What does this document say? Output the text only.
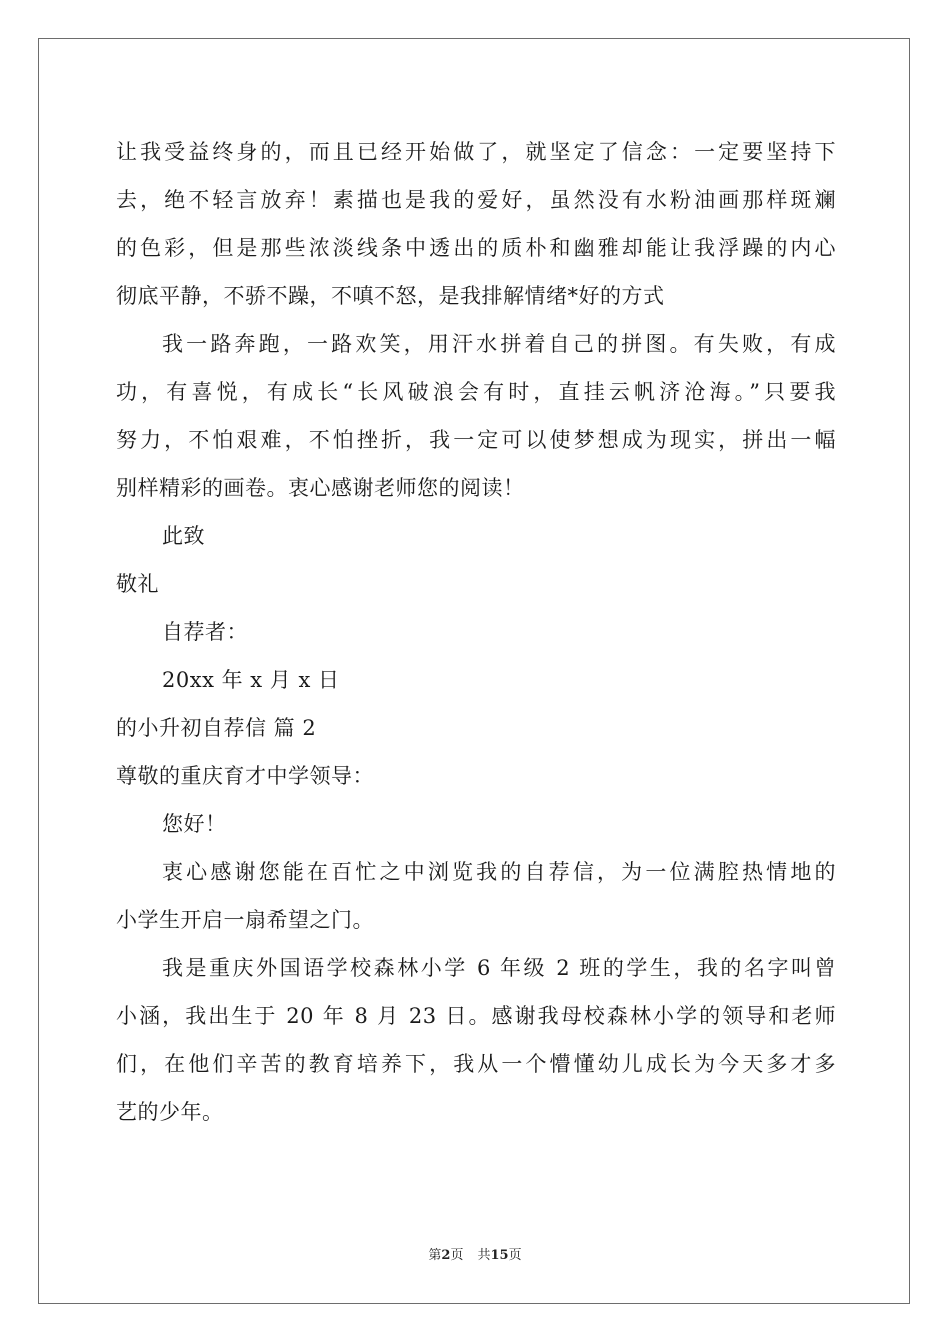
让我受益终身的，而且已经开始做了，就坚定了信念：一定要坚持下
去，绝不轻言放弃！素描也是我的爱好，虽然没有水粉油画那样斑斓
的色彩，但是那些浓淡线条中透出的质朴和幽雅却能让我浮躁的内心
彻底平静，不骄不躁，不嗔不怒，是我排解情绪*好的方式
我一路奔跑，一路欢笑，用汗水拼着自己的拼图。有失败，有成
功，有喜悦，有成长“长风破浪会有时，直挂云帆济沧海。”只要我
努力，不怕艰难，不怕挫折，我一定可以使梦想成为现实，拼出一幅
别样精彩的画卷。衷心感谢老师您的阅读！
此致
敬礼
自荐者：
20xx 年 x 月 x 日
的小升初自荐信 篇 2
尊敬的重庆育才中学领导：
您好！
衷心感谢您能在百忙之中浏览我的自荐信，为一位满腔热情地的
小学生开启一扇希望之门。
我是重庆外国语学校森林小学 6 年级 2 班的学生，我的名字叫曾
小涵，我出生于 20 年 8 月 23 日。感谢我母校森林小学的领导和老师
们，在他们辛苦的教育培养下，我从一个懵懂幼儿成长为今天多才多
艺的少年。
第2页 共15页
